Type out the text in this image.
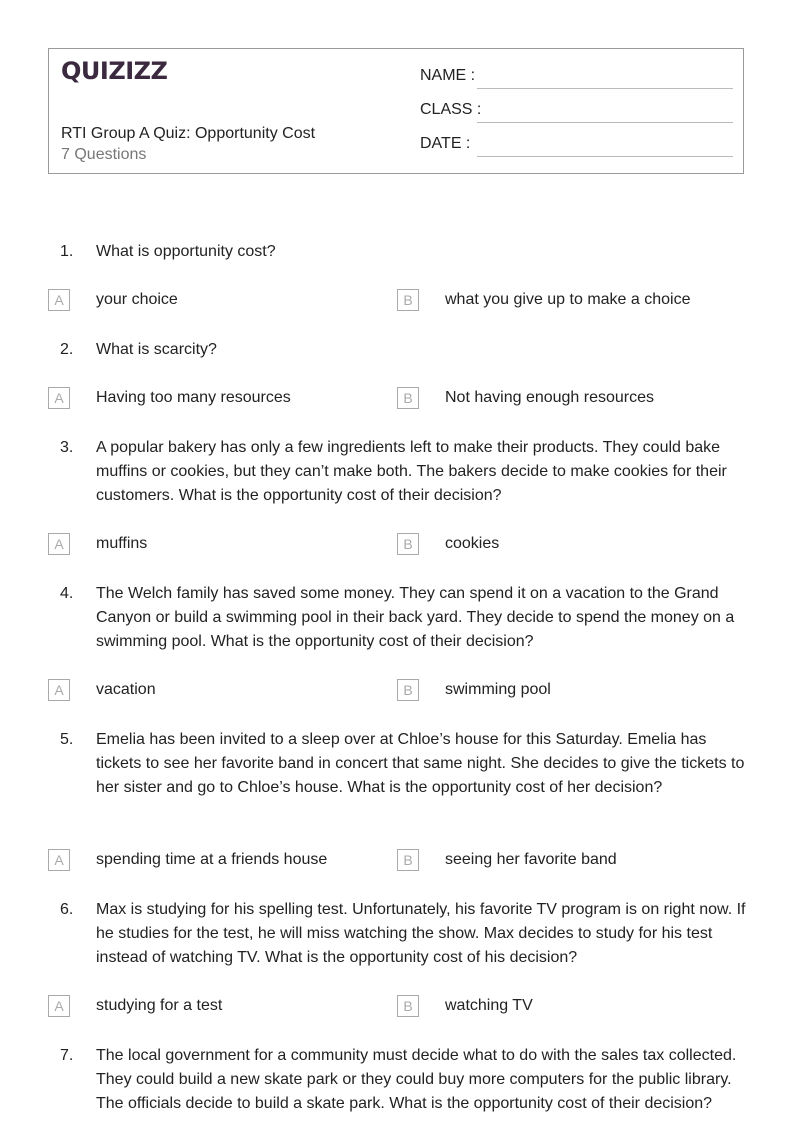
QUIZIZZ
RTI Group A Quiz: Opportunity Cost
7 Questions
NAME :
CLASS :
DATE :
1. What is opportunity cost?
A	your choice	B	what you give up to make a choice
2. What is scarcity?
A	Having too many resources	B	Not having enough resources
3. A popular bakery has only a few ingredients left to make their products. They could bake muffins or cookies, but they can’t make both. The bakers decide to make cookies for their customers. What is the opportunity cost of their decision?
A	muffins	B	cookies
4. The Welch family has saved some money. They can spend it on a vacation to the Grand Canyon or build a swimming pool in their back yard. They decide to spend the money on a swimming pool. What is the opportunity cost of their decision?
A	vacation	B	swimming pool
5. Emelia has been invited to a sleep over at Chloe’s house for this Saturday. Emelia has tickets to see her favorite band in concert that same night. She decides to give the tickets to her sister and go to Chloe’s house. What is the opportunity cost of her decision?
A	spending time at a friends house	B	seeing her favorite band
6. Max is studying for his spelling test. Unfortunately, his favorite TV program is on right now. If he studies for the test, he will miss watching the show. Max decides to study for his test instead of watching TV. What is the opportunity cost of his decision?
A	studying for a test	B	watching TV
7. The local government for a community must decide what to do with the sales tax collected. They could build a new skate park or they could buy more computers for the public library. The officials decide to build a skate park. What is the opportunity cost of their decision?
